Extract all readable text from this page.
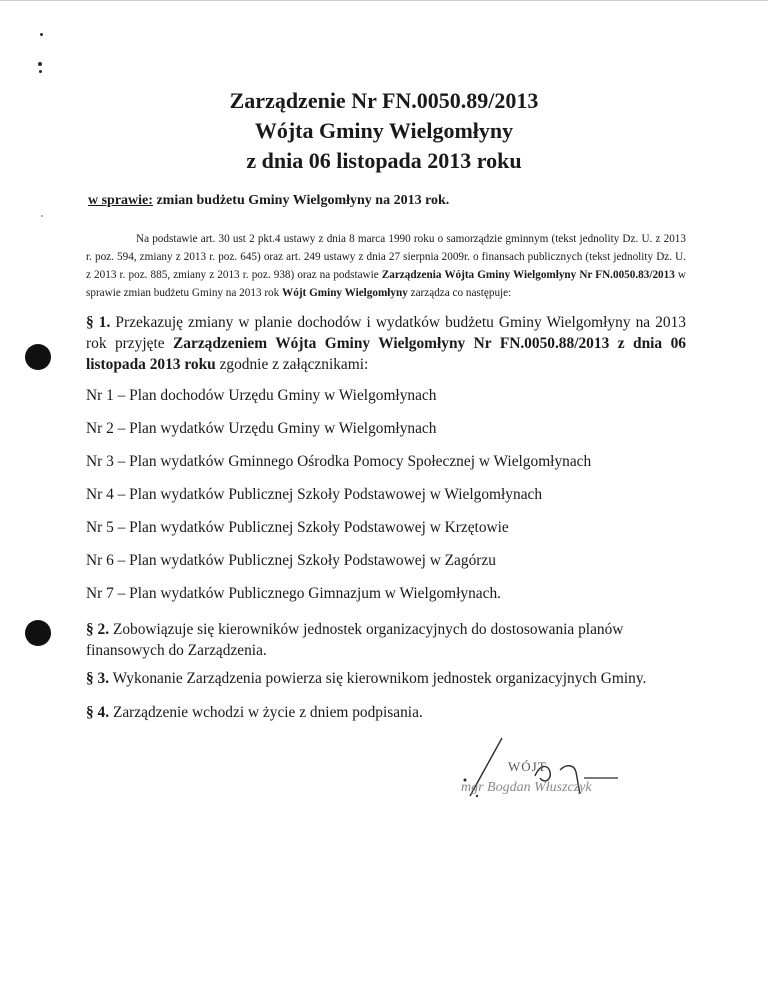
Zarządzenie Nr FN.0050.89/2013
Wójta Gminy Wielgomłyny
z dnia 06 listopada 2013 roku
w sprawie: zmian budżetu Gminy Wielgomłyny na 2013 rok.
Na podstawie art. 30 ust 2 pkt.4 ustawy z dnia 8 marca 1990 roku o samorządzie gminnym (tekst jednolity Dz. U. z 2013 r. poz. 594, zmiany z 2013 r. poz. 645) oraz art. 249 ustawy z dnia 27 sierpnia 2009r. o finansach publicznych (tekst jednolity Dz. U. z 2013 r. poz. 885, zmiany z 2013 r. poz. 938) oraz na podstawie Zarządzenia Wójta Gminy Wielgomłyny Nr FN.0050.83/2013 w sprawie zmian budżetu Gminy na 2013 rok Wójt Gminy Wielgomłyny zarządza co następuje:
§ 1. Przekazuję zmiany w planie dochodów i wydatków budżetu Gminy Wielgomłyny na 2013 rok przyjęte Zarządzeniem Wójta Gminy Wielgomłyny Nr FN.0050.88/2013 z dnia 06 listopada 2013 roku zgodnie z załącznikami:
Nr 1 – Plan dochodów Urzędu Gminy w Wielgomłynach
Nr 2 – Plan wydatków Urzędu Gminy w Wielgomłynach
Nr 3 – Plan wydatków Gminnego Ośrodka Pomocy Społecznej w Wielgomłynach
Nr 4 – Plan wydatków Publicznej Szkoły Podstawowej w Wielgomłynach
Nr 5 – Plan wydatków Publicznej Szkoły Podstawowej w Krzętowie
Nr 6 – Plan wydatków Publicznej Szkoły Podstawowej w Zagórzu
Nr 7 – Plan wydatków Publicznego Gimnazjum w Wielgomłynach.
§ 2. Zobowiązuje się kierowników jednostek organizacyjnych do dostosowania planów finansowych do Zarządzenia.
§ 3. Wykonanie Zarządzenia powierza się kierownikom jednostek organizacyjnych Gminy.
§ 4. Zarządzenie wchodzi w życie z dniem podpisania.
WÓJT
mgr Bogdan Włuszczyk
